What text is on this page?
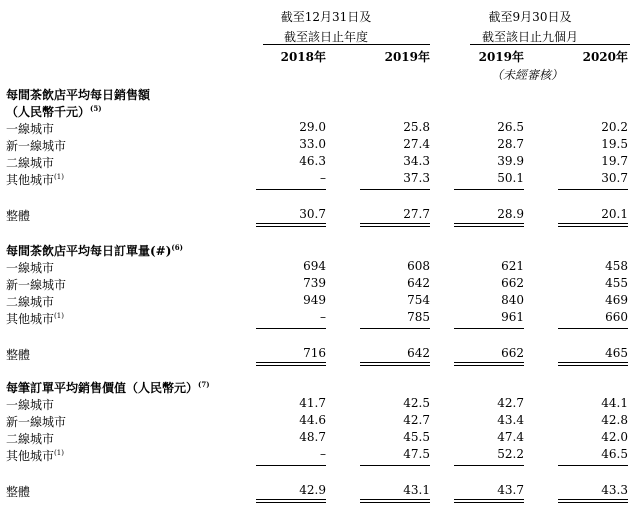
截至12月31日及
截至該日止年度
截至9月30日及
截至該日止九個月
2018年	2019年	2019年	2020年
（未經審核）
每間茶飲店平均每日銷售額
（人民幣千元）$^{(5)}$
一線城市	29.0	25.8	26.5	20.2
新一線城市	33.0	27.4	28.7	19.5
二線城市	46.3	34.3	39.9	19.7
其他城市$^{(1)}$	–	37.3	50.1	30.7
整體	30.7	27.7	28.9	20.1
每間茶飲店平均每日訂單量(#)$^{(6)}$
一線城市	694	608	621	458
新一線城市	739	642	662	455
二線城市	949	754	840	469
其他城市$^{(1)}$	–	785	961	660
整體	716	642	662	465
每筆訂單平均銷售價值（人民幣元）$^{(7)}$
一線城市	41.7	42.5	42.7	44.1
新一線城市	44.6	42.7	43.4	42.8
二線城市	48.7	45.5	47.4	42.0
其他城市$^{(1)}$	–	47.5	52.2	46.5
整體	42.9	43.1	43.7	43.3
